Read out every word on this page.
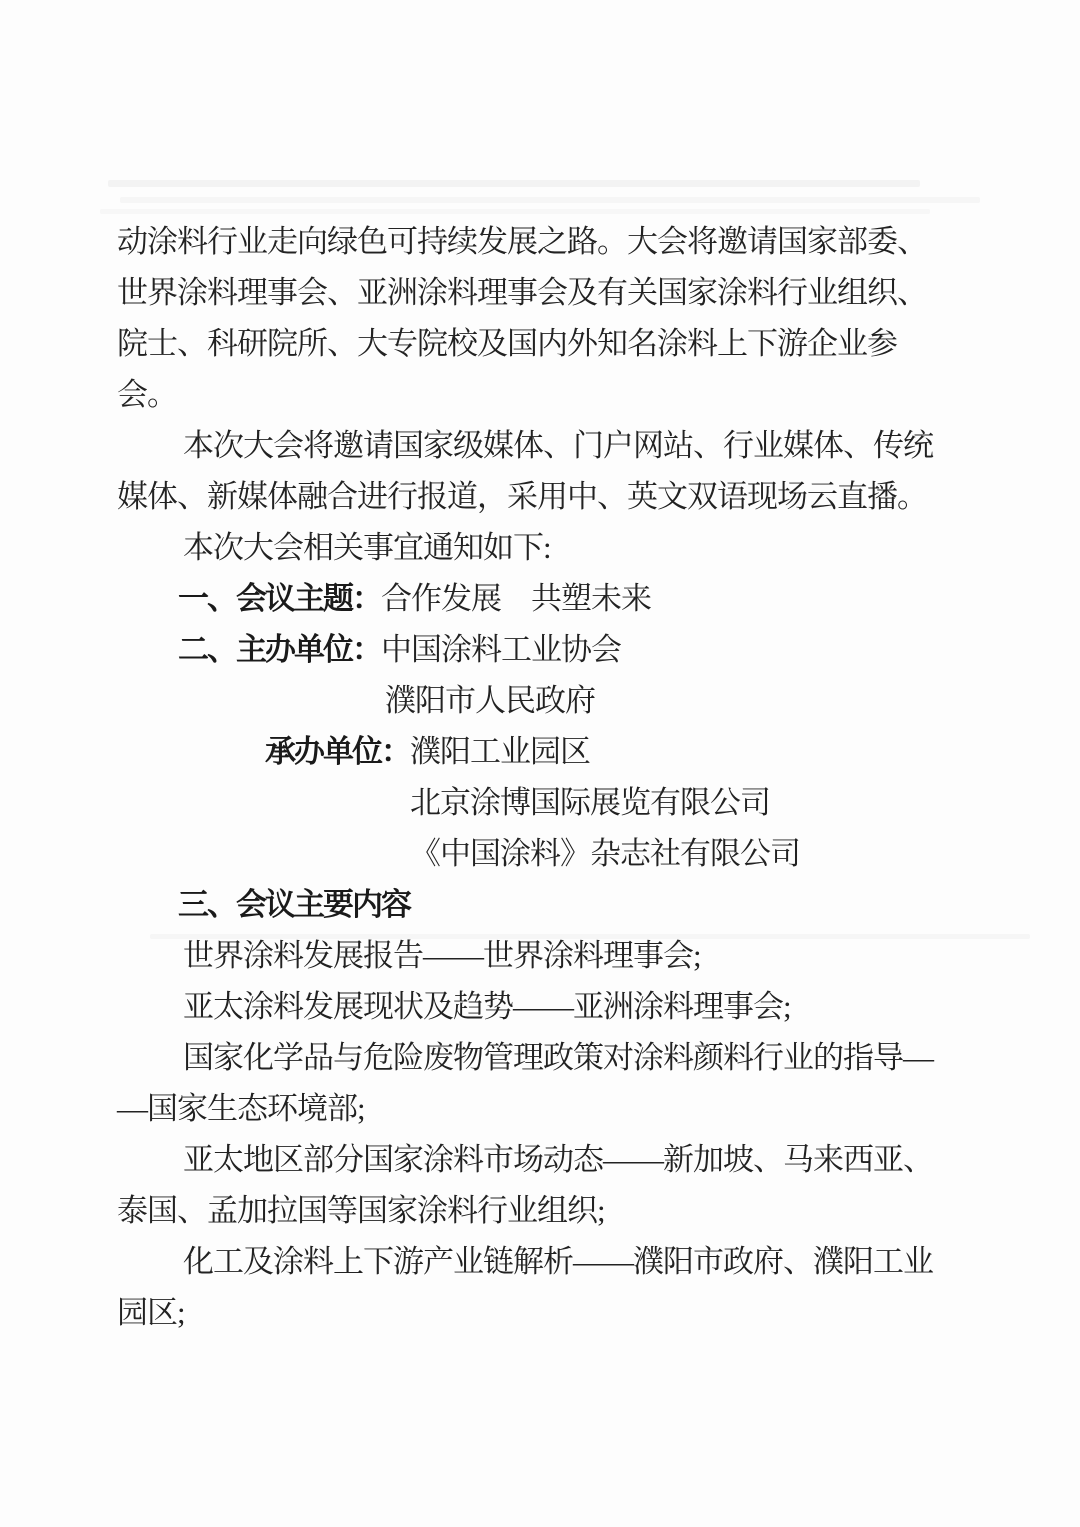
动涂料行业走向绿色可持续发展之路。大会将邀请国家部委、
世界涂料理事会、亚洲涂料理事会及有关国家涂料行业组织、
院士、科研院所、大专院校及国内外知名涂料上下游企业参
会。
本次大会将邀请国家级媒体、门户网站、行业媒体、传统
媒体、新媒体融合进行报道，采用中、英文双语现场云直播。
本次大会相关事宜通知如下:
一、会议主题：合作发展　共塑未来
二、主办单位：中国涂料工业协会
濮阳市人民政府
承办单位：濮阳工业园区
北京涂博国际展览有限公司
《中国涂料》杂志社有限公司
三、会议主要内容
世界涂料发展报告——世界涂料理事会;
亚太涂料发展现状及趋势——亚洲涂料理事会;
国家化学品与危险废物管理政策对涂料颜料行业的指导—
—国家生态环境部;
亚太地区部分国家涂料市场动态——新加坡、马来西亚、
泰国、孟加拉国等国家涂料行业组织;
化工及涂料上下游产业链解析——濮阳市政府、濮阳工业
园区;
